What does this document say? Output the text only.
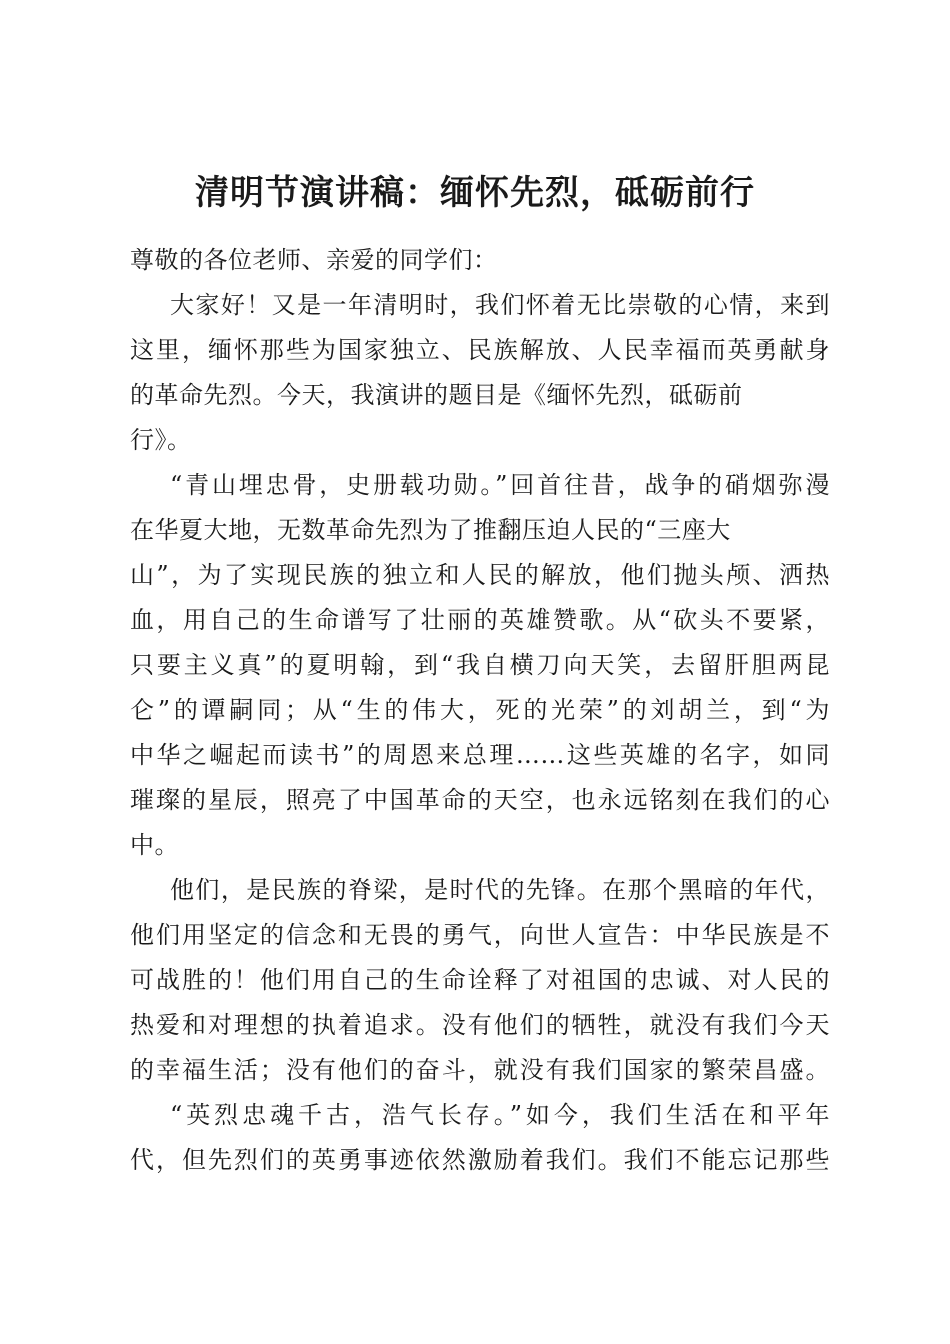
清明节演讲稿：缅怀先烈，砥砺前行
尊敬的各位老师、亲爱的同学们：
大家好！又是一年清明时，我们怀着无比崇敬的心情，来到
这里，缅怀那些为国家独立、民族解放、人民幸福而英勇献身
的革命先烈。今天，我演讲的题目是《缅怀先烈，砥砺前
行》。
“青山埋忠骨，史册载功勋。”回首往昔，战争的硝烟弥漫
在华夏大地，无数革命先烈为了推翻压迫人民的“三座大
山”，为了实现民族的独立和人民的解放，他们抛头颅、洒热
血，用自己的生命谱写了壮丽的英雄赞歌。从“砍头不要紧，
只要主义真”的夏明翰，到“我自横刀向天笑，去留肝胆两昆
仑”的谭嗣同；从“生的伟大，死的光荣”的刘胡兰，到“为
中华之崛起而读书”的周恩来总理……这些英雄的名字，如同
璀璨的星辰，照亮了中国革命的天空，也永远铭刻在我们的心
中。
他们，是民族的脊梁，是时代的先锋。在那个黑暗的年代，
他们用坚定的信念和无畏的勇气，向世人宣告：中华民族是不
可战胜的！他们用自己的生命诠释了对祖国的忠诚、对人民的
热爱和对理想的执着追求。没有他们的牺牲，就没有我们今天
的幸福生活；没有他们的奋斗，就没有我们国家的繁荣昌盛。
“英烈忠魂千古，浩气长存。”如今，我们生活在和平年
代，但先烈们的英勇事迹依然激励着我们。我们不能忘记那些
